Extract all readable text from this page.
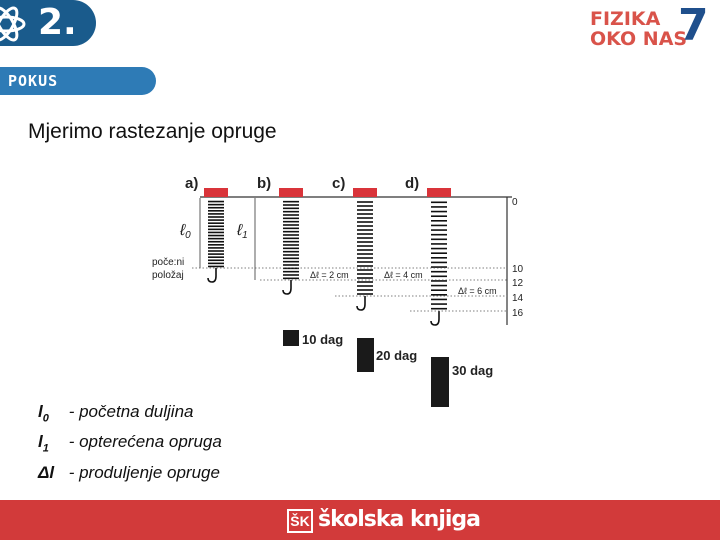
2.	FIZIKA
OKO NAS
7
POKUS
Mjerimo rastezanje opruge
a)	b)	c)	d)
ℓ0	ℓ1
poče:ni
položaj	Δℓ = 2 cm	Δℓ = 4 cm
Δℓ = 6 cm
10 dag
20 dag
30 dag
0
10
12
14
16
$l_0$ - početna duljina
$l_1$ - opterećena opruga
Δl - produljenje opruge
ŠK školska knjiga
